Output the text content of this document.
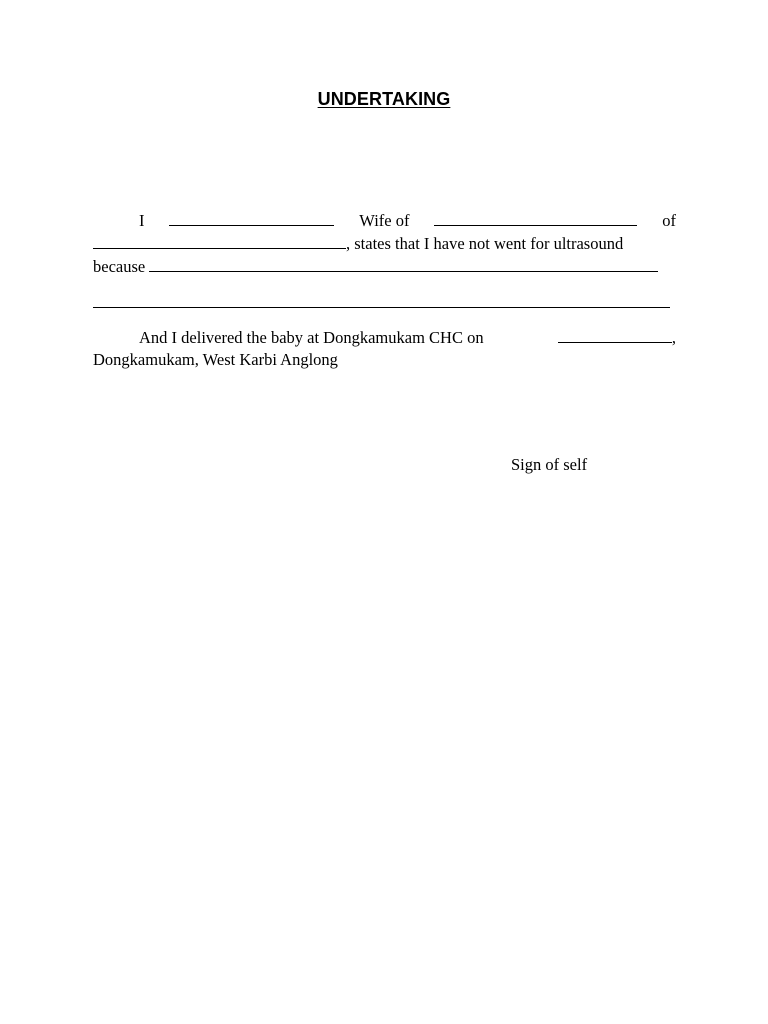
UNDERTAKING
I	Wife of	of
, states that I have not went for ultrasound
because
And I delivered the baby at Dongkamukam CHC on	,
Dongkamukam, West Karbi Anglong
Sign of self
